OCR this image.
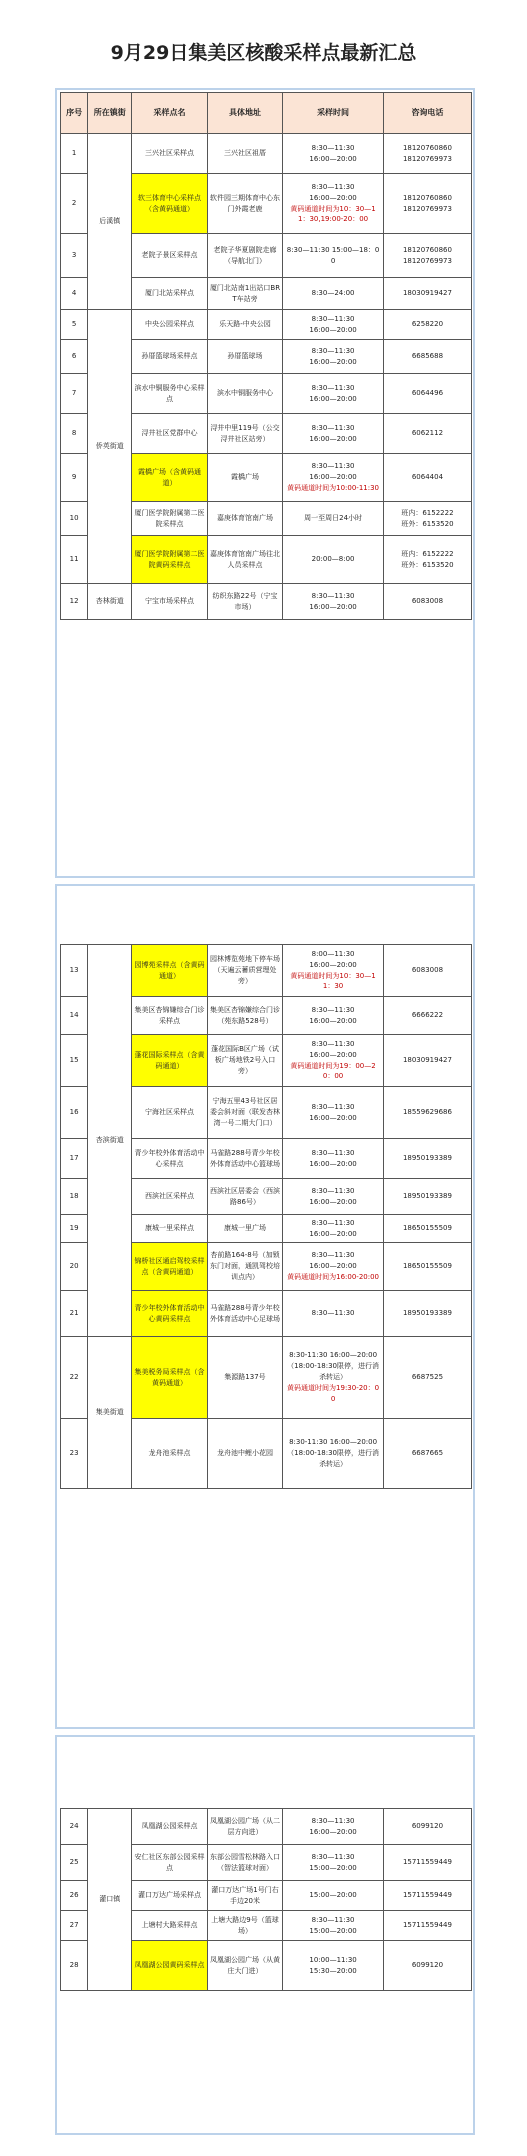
9月29日集美区核酸采样点最新汇总
序号	所在镇街	采样点名	具体地址	采样时间	咨询电话
1	后溪镇	三兴社区采样点	三兴社区祖厝	8:30—11:30
16:00—20:00	18120760860
18120769973
2		软三体育中心采样点（含黄码通道）	软件园三期体育中心东门外霞老鹿	8:30—11:30
16:00—20:00
黄码通道时间为10：30—11：30,19:00-20：00	18120760860
18120769973
3		老院子景区采样点	老院子华夏剧院走廊（导航北门）	8:30—11:30 15:00—18：00	18120760860
18120769973
4		厦门北站采样点	厦门北站南1出站口BRT车站旁	8:30—24:00	18030919427
5	侨英街道	中央公园采样点	乐天路-中央公园	8:30—11:30
16:00—20:00	6258220
6		孙厝篮球场采样点	孙厝篮球场	8:30—11:30
16:00—20:00	6685688
7		滨水中铜服务中心采样点	滨水中铜服务中心	8:30—11:30
16:00—20:00	6064496
8		浔井社区党群中心	浔井中里119号（公交浔井社区站旁）	8:30—11:30
16:00—20:00	6062112
9		霞橋广场（含黄码通道）	霞橋广场	8:30—11:30
16:00—20:00
黄码通道时间为10:00-11:30	6064404
10		厦门医学院附属第二医院采样点	嘉庚体育馆南广场	周一至周日24小时	班内：6152222
班外：6153520
11		厦门医学院附属第二医院黄码采样点	嘉庚体育馆南广场往北人员采样点	20:00—8:00	班内：6152222
班外：6153520
12	杏林街道	宁宝市场采样点	纺织东路22号（宁宝市场）	8:30—11:30
16:00—20:00	6083008
13	杏滨街道	园博苑采样点（含黄码通道）	园林博览苑地下停车场（天遍云蓄质营理处旁）	8:00—11:30
16:00—20:00
黄码通道时间为10：30—11：30	6083008
14		集美区杏锦嫌综合门诊采样点	集美区杏锦嫌综合门诊（苑东路528号）	8:30—11:30
16:00—20:00	6666222
15		蓬花国际采样点（含黄码通道）	蓬花国际B区广场（试板广场地铁2号入口旁）	8:30—11:30
16:00—20:00
黄码通道时间为19：00—20：00	18030919427
16		宁海社区采样点	宁海五里43号社区居委会斜对面（联发杏林湾一号二期大门口）	8:30—11:30
16:00—20:00	18559629686
17		青少年校外体育活动中心采样点	马雀路288号青少年校外体育活动中心篮球场	8:30—11:30
16:00—20:00	18950193389
18		西滨社区采样点	西滨社区居委会（西滨路86号）	8:30—11:30
16:00—20:00	18950193389
19		康城一里采样点	康城一里广场	8:30—11:30
16:00—20:00	18650155509
20		锦桥社区通启驾校采样点（含黄码通道）	杏前路164-8号（加锁东门对面，通凯驾校培训点内）	8:30—11:30
16:00—20:00
黄码通道时间为16:00-20:00	18650155509
21		青少年校外体育活动中心黄码采样点	马雀路288号青少年校外体育活动中心足球场	8:30—11:30	18950193389
22	集美街道	集美税务局采样点（含黄码通道）	集源路137号	8:30-11:30 16:00—20:00
（18:00-18:30限停，进行消杀转运）
黄码通道时间为19:30-20：00	6687525
23		龙舟池采样点	龙舟池中鲤小花园	8:30-11:30 16:00—20:00
（18:00-18:30限停，进行消杀转运）	6687665
24	灌口镇	凤凰湖公园采样点	凤凰湖公园广场（从二层方向进）	8:30—11:30
16:00—20:00	6099120
25		安仁社区东部公园采样点	东部公园雪松林路入口（智法篮球对面）	8:30—11:30
15:00—20:00	15711559449
26		灌口万达广场采样点	灌口万达广场1号门右手边20米	15:00—20:00	15711559449
27		上塘村大路采样点	上塘大路边9号（篮球场）	8:30—11:30
15:00—20:00	15711559449
28		凤凰湖公园黄码采样点	凤凰湖公园广场（从黄庄大门进）	10:00—11:30
15:30—20:00	6099120
